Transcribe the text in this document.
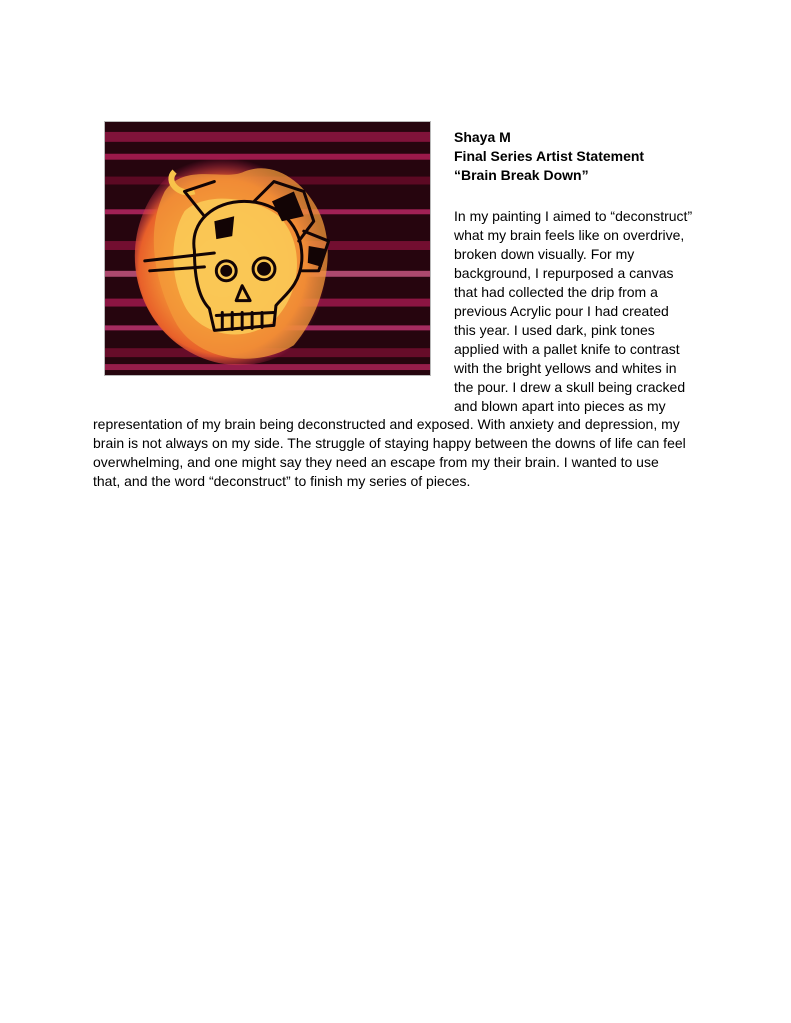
Shaya M
Final Series Artist Statement
“Brain Break Down”
In my painting I aimed to “deconstruct”
what my brain feels like on overdrive,
broken down visually. For my
background, I repurposed a canvas
that had collected the drip from a
previous Acrylic pour I had created
this year. I used dark, pink tones
applied with a pallet knife to contrast
with the bright yellows and whites in
the pour. I drew a skull being cracked
and blown apart into pieces as my
representation of my brain being deconstructed and exposed. With anxiety and depression, my
brain is not always on my side. The struggle of staying happy between the downs of life can feel
overwhelming, and one might say they need an escape from my their brain. I wanted to use
that, and the word “deconstruct” to finish my series of pieces.
